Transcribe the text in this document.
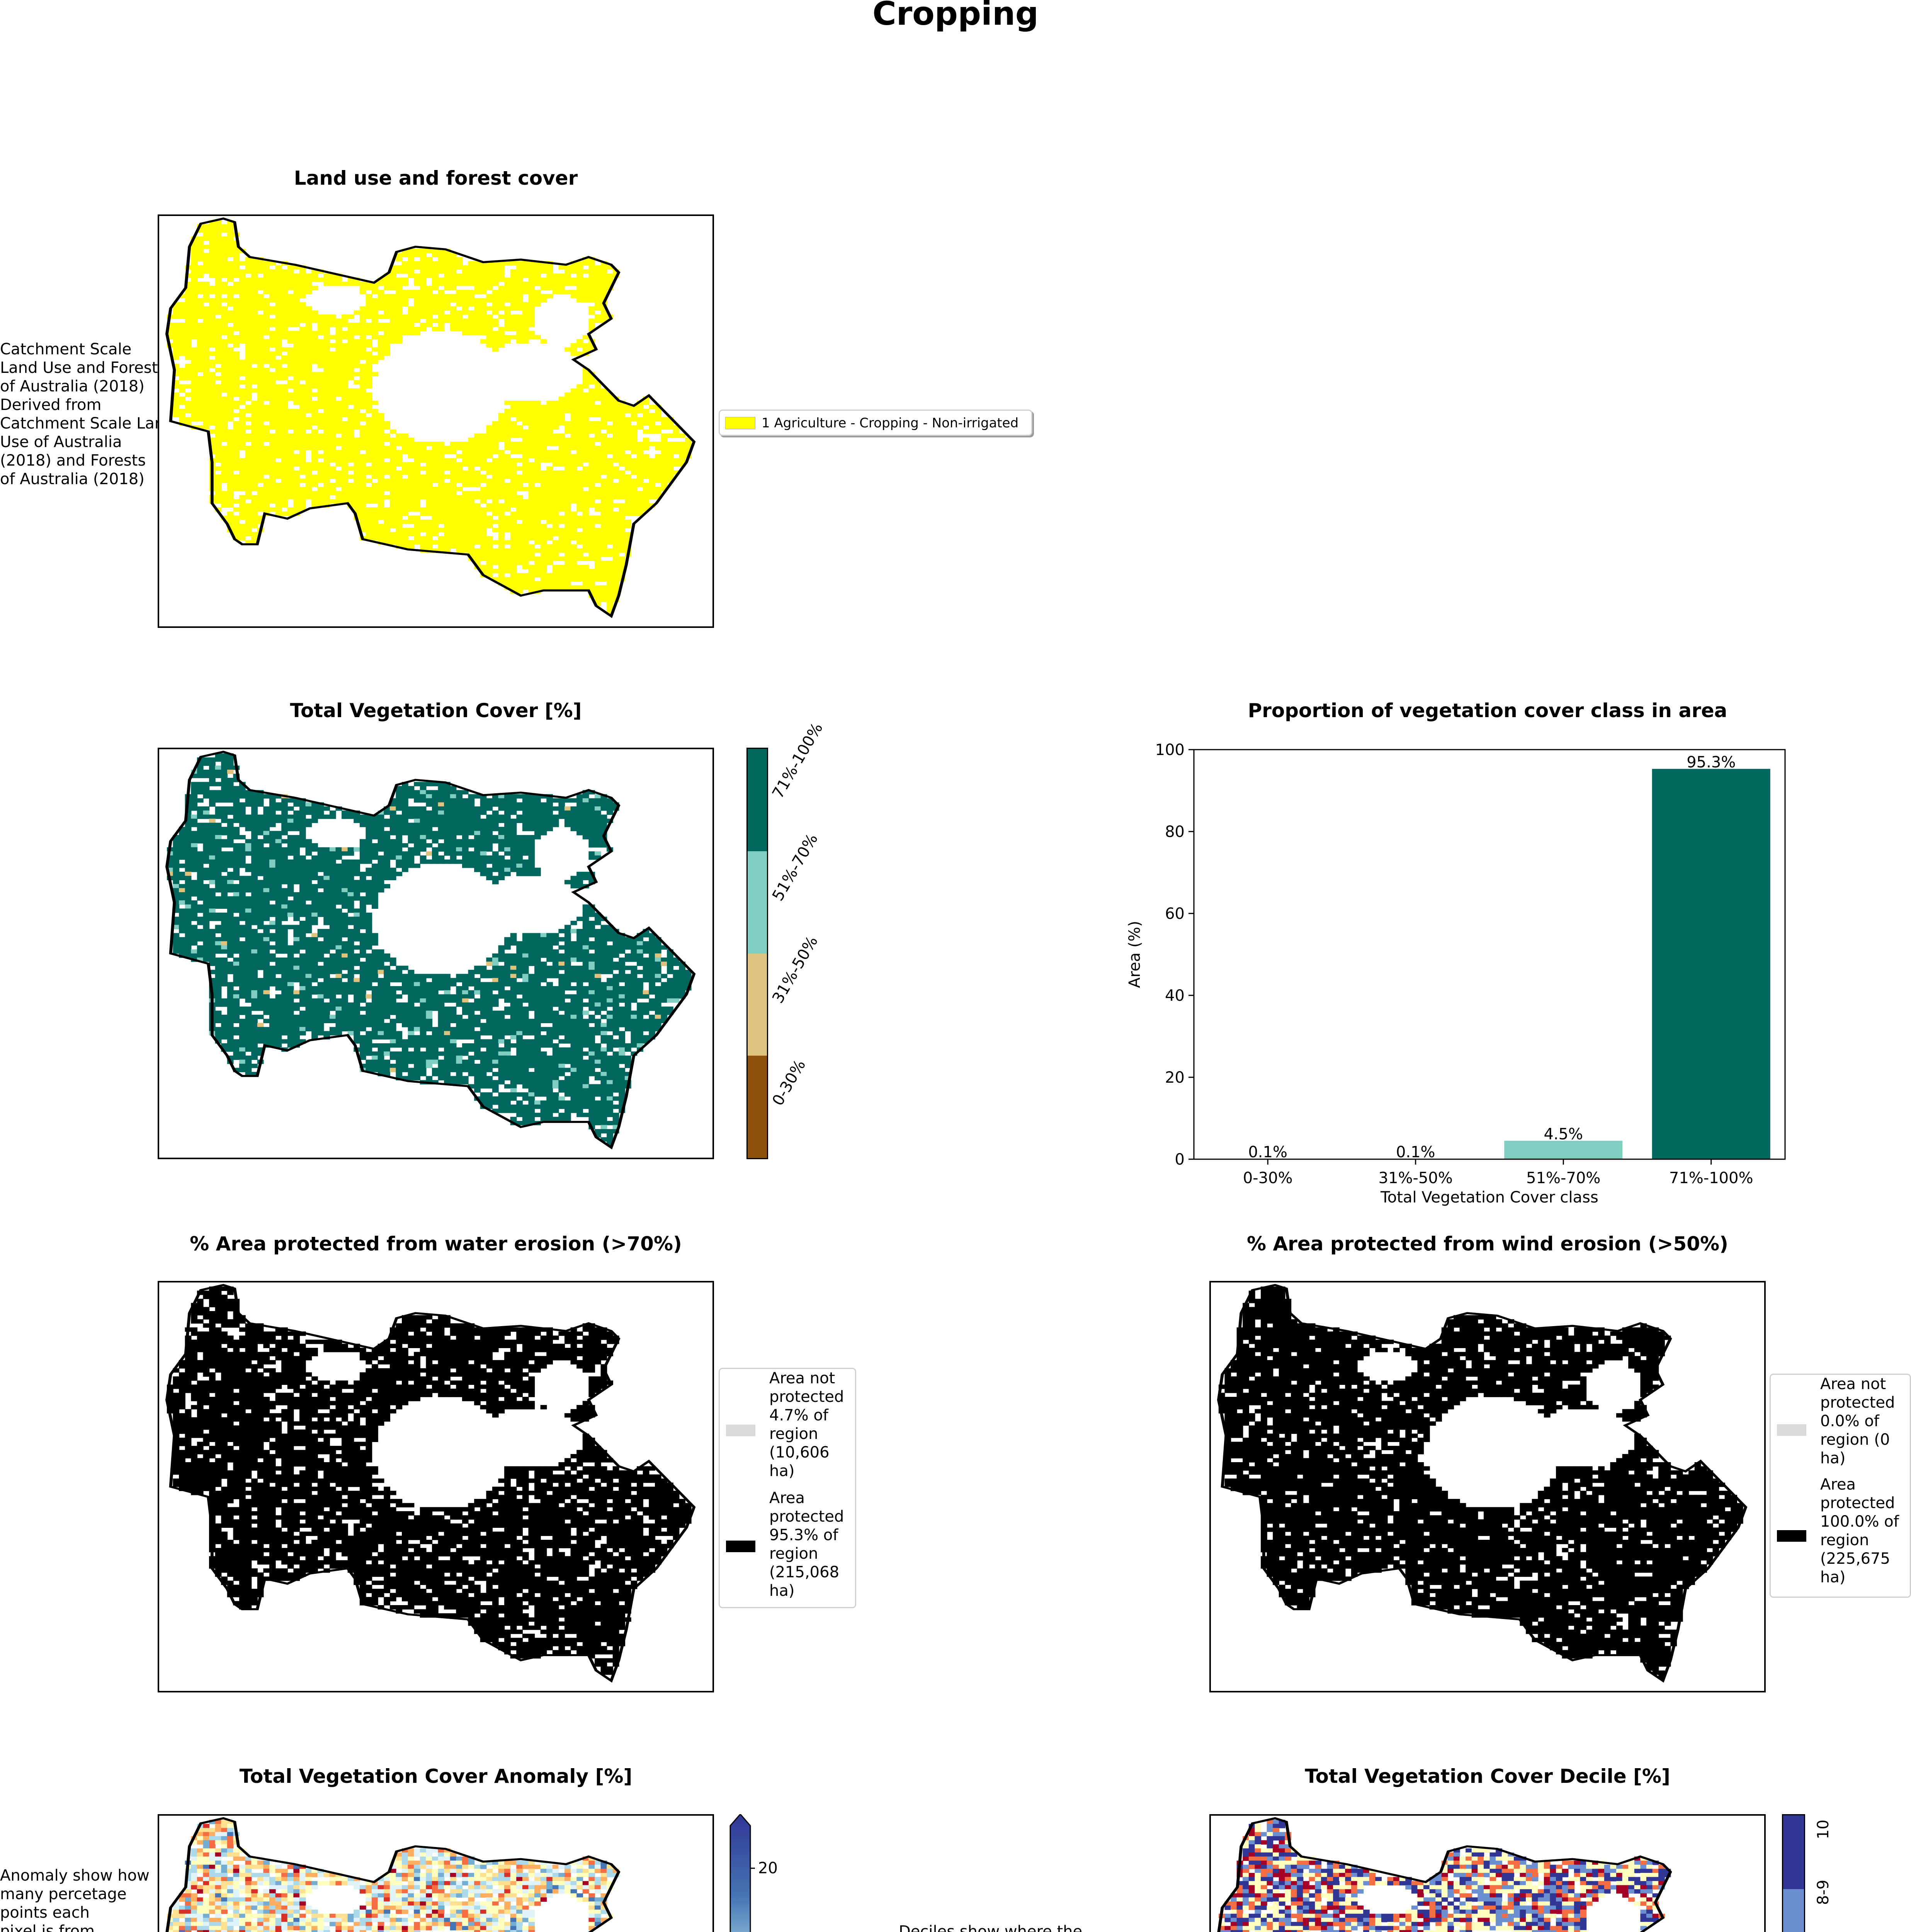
Cropping
Land use and forest cover
Catchment Scale
Land Use and Forest
of Australia (2018)
Derived from
Catchment Scale Land
Use of Australia
(2018) and Forests
of Australia (2018)
1 Agriculture - Cropping - Non-irrigated
Total Vegetation Cover [%]
71%-100%
51%-70%
31%-50%
0-30%
Proportion of vegetation cover class in area
0.1%
0-30%
0.1%
31%-50%
4.5%
51%-70%
95.3%
71%-100%
0
20
40
60
80
100
Total Vegetation Cover class
Area (%)
% Area protected from water erosion (>70%)
Area not
protected
4.7% of
region
(10,606
ha)
Area
protected
95.3% of
region
(215,068
ha)
% Area protected from wind erosion (>50%)
Area not
protected
0.0% of
region (0
ha)
Area
protected
100.0% of
region
(225,675
ha)
Total Vegetation Cover Anomaly [%]
Anomaly show how
many percetage
points each
pixel is from

20
Deciles show where the

Total Vegetation Cover Decile [%]
10
8-9
